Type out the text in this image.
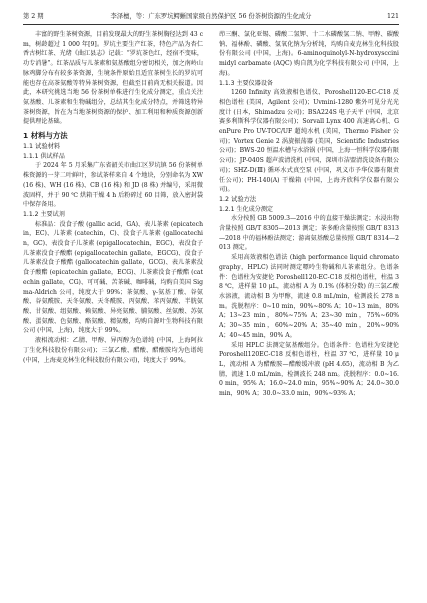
第 2 期	李泽檀，等：广东罗坑鳄蜥国家级自然保护区 56 份茶树资源的生化成分	121

丰富的野生茶树资源，目前发现最大的野生茶树胸径达到 43 cm，树龄超过 1 000 年[9]。罗坑主要生产红茶，特色产品为杏仁香古树红茶、光绪《曲江县志》记载：“罗坑茶色红，经宿不变味，功专消暑”。红茶品质与儿茶素和氨基酸组分密切相关，加之南岭山脉鸡脚分布有较多茶资源，生境条件原始且适宜茶树生长的罗坑可能也存在高茶氨酸等特异茶树资源，但截至目前尚无相关报道。因此，本研究挑选当地 56 份茶树单株进行生化成分测定，重点关注氨基酸、儿茶素和生物碱组分，总结其生化成分特点，并筛选特异茶树资源，旨在为当地茶树资源的保护、加工利用和种质资源创新提供理论基础。

1 材料与方法
1.1 试验材料
1.1.1 供试样品

于 2024 年 5 月采集广东省韶关市曲江区罗坑镇 56 份茶树单株资源的一芽二叶鲜叶，参试茶样来自 4 个地块，分别命名为 XW (16 株)、WH (16 株)、CB (16 株) 和 JD (8 株) 并编号，采用微波固样，并于 90 ℃ 烘箱干燥 4 h 后粉碎过 60 目筛，放入密封袋中保存备用。

1.1.2 主要试剂

标准品：没食子酸 (gallic acid，GA)、表儿茶素 (epicatechin，EC)、儿茶素 (catechin，C)、没食子儿茶素 (gallocatechin，GC)、表没食子儿茶素 (epigallocatechin，EGC)、表没食子儿茶素没食子酸酯 (epigallocatechin gallate，EGCG)、没食子儿茶素没食子酸酯 (gallocatechin gallate，GCG)、表儿茶素没食子酸酯 (epicatechin gallate，ECG)、儿茶素没食子酸酯 (catechin gallate，CG)、可可碱、苦茶碱、咖啡碱，均购自美国 Sigma-Aldrich 公司，纯度大于 99%；茶氨酸、γ-氨基丁酸、谷氨酸、谷氨酰胺、天冬氨酸、天冬酰胺、丙氨酸、苯丙氨酸、半胱氨酸、甘氨酸、组氨酸、赖氨酸、异亮氨酸、脯氨酸、丝氨酸、苏氨酸、蛋氨酸、色氨酸、酪氨酸、精氨酸，均购自源叶生物科技有限公司 (中国，上海)，纯度大于 99%。

液相流动相：乙腈、甲醇、异丙醇为色谱纯 (中国，上海阿拉丁生化科技股份有限公司)；三氯乙酸、醋酸、醋酸胺均为色谱纯 (中国，上海麦克林生化科技股份有限公司)，纯度大于 99%。

茚三酮、氯化亚锡、磷酸二氢钾、十二水磷酸氢二钠、甲醇、碳酸钠、福林酚、磷酸、氢氧化钠为分析纯，均购自麦克林生化科技股份有限公司 (中国，上海)。6-aminoquinolyl-N-hydroxysccinimidyl carbamate (AQC) 购自凯为化学科技有限公司 (中国，上海)。

1.1.3 主要仪器设备

1260 Infinity 高效液相色谱仪、Poroshell120-EC-C18 反相色谱柱 (美国，Agilent 公司)；Uvmini-1280 紫外可见分光光度计 (日本，Shimadzu 公司)；BSA224S 电子天平 (中国，北京赛多利斯科学仪器有限公司)；Sorvall Lynx 400 高速离心机、GenPure Pro UV-TOC/UF 超纯水机 (美国，Thermo Fisher 公司)；Vortex Genie 2 涡旋振荡器 (美国，Scientific Industries 公司)；BWS-20 恒温水槽与水浴锅 (中国，上海一恒科学仪器有限公司)；JP-040S 超声波清洗机 (中国，深圳市洁盟清洗设备有限公司)；SHZ-D(Ⅲ) 循环水式真空泵 (中国，巩义市予华仪器有限责任公司)；PH-140(A) 干燥箱 (中国，上海齐欣科学仪器有限公司)。

1.2 试验方法
1.2.1 生化成分测定

水分按照 GB 5009.3—2016 中的直接干燥法测定；水浸出物含量按照 GB/T 8305—2013 测定；茶多酚含量按照 GB/T 8313—2018 中的福林酚法测定；游离氨基酸总量按照 GB/T 8314—2013 测定。

采用高效液相色谱法 (high performance liquid chromatography，HPLC) 法同时测定嘌呤生物碱和儿茶素组分。色谱条件：色谱柱为安捷伦 Poroshell120-EC-C18 反相色谱柱，柱温 38 ℃，进样量 10 μL，流动相 A 为 0.1% (体积分数) 的三氯乙酸水溶液，流动相 B 为甲醇，流速 0.8 mL/min，检测波长 278 nm。洗脱程序：0~10 min，90%~80% A；10~13 min，80% A；13~23 min，80%~75% A；23~30 min，75%~60% A；30~35 min，60%~20% A；35~40 min，20%~90% A；40~45 min，90% A。

采用 HPLC 法测定氨基酸组分。色谱条件：色谱柱为安捷伦 Poroshell120EC-C18 反相色谱柱，柱温 37 ℃，进样量 10 μL，流动相 A 为醋酸胺—醋酸缓冲液 (pH 4.65)，流动相 B 为乙腈，流速 1.0 mL/min，检测波长 248 nm。洗脱程序：0.0~16.0 min，95% A；16.0~24.0 min，95%~90% A；24.0~30.0 min，90% A；30.0~33.0 min，90%~93% A；
